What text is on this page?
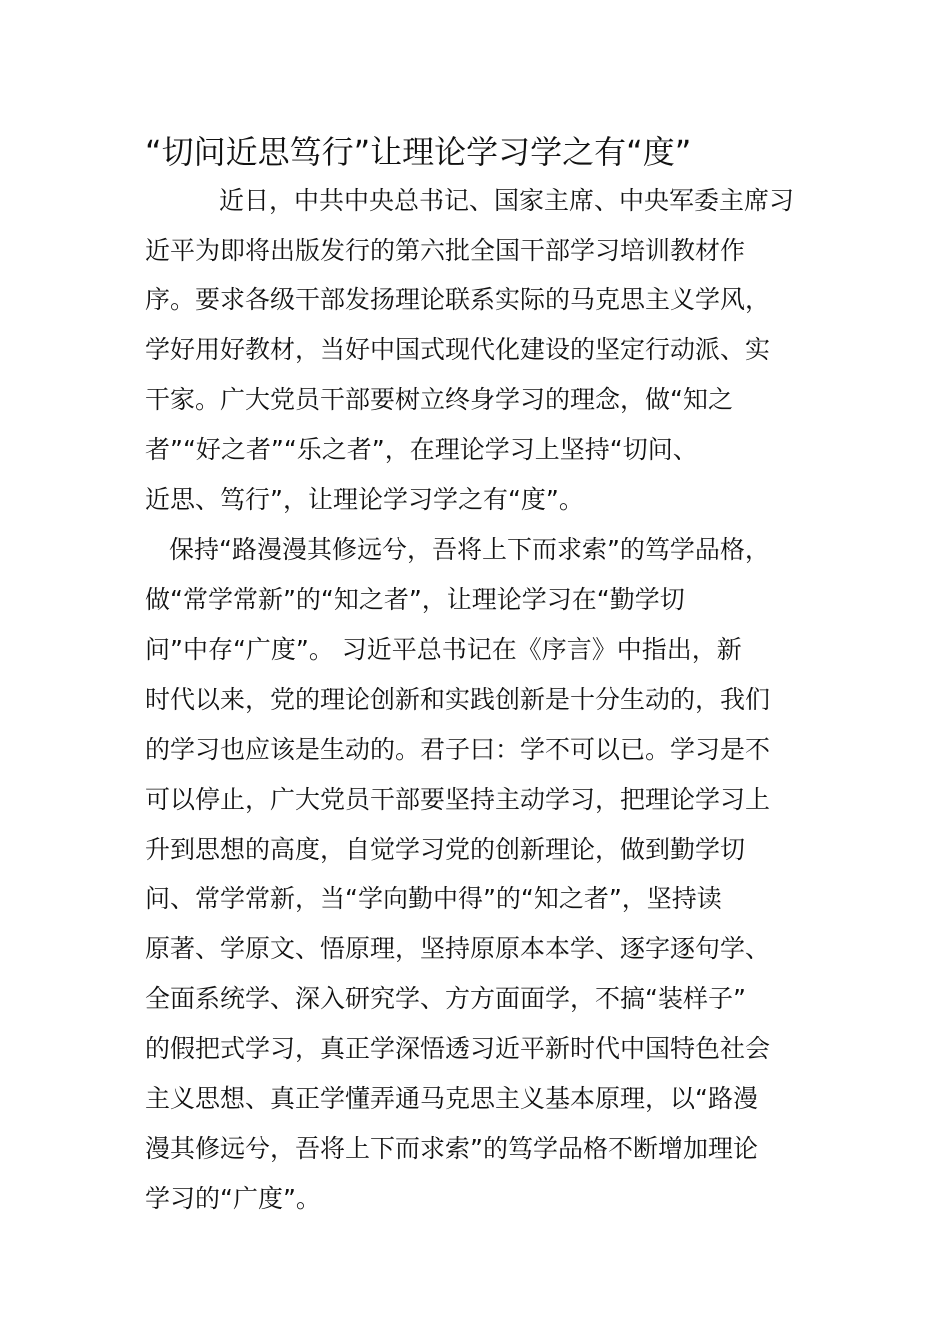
“切问近思笃行”让理论学习学之有“度”

近日，中共中央总书记、国家主席、中央军委主席习

近平为即将出版发行的第六批全国干部学习培训教材作

序。要求各级干部发扬理论联系实际的马克思主义学风，

学好用好教材，当好中国式现代化建设的坚定行动派、实

干家。广大党员干部要树立终身学习的理念，做“知之

者”“好之者”“乐之者”，在理论学习上坚持“切问、

近思、笃行”，让理论学习学之有“度”。

保持“路漫漫其修远兮，吾将上下而求索”的笃学品格，

做“常学常新”的“知之者”，让理论学习在“勤学切

问”中存“广度”。 习近平总书记在《序言》中指出，新

时代以来，党的理论创新和实践创新是十分生动的，我们

的学习也应该是生动的。君子曰：学不可以已。学习是不

可以停止，广大党员干部要坚持主动学习，把理论学习上

升到思想的高度，自觉学习党的创新理论，做到勤学切

问、常学常新，当“学向勤中得”的“知之者”，坚持读

原著、学原文、悟原理，坚持原原本本学、逐字逐句学、

全面系统学、深入研究学、方方面面学，不搞“装样子”

的假把式学习，真正学深悟透习近平新时代中国特色社会

主义思想、真正学懂弄通马克思主义基本原理，以“路漫

漫其修远兮，吾将上下而求索”的笃学品格不断增加理论

学习的“广度”。
